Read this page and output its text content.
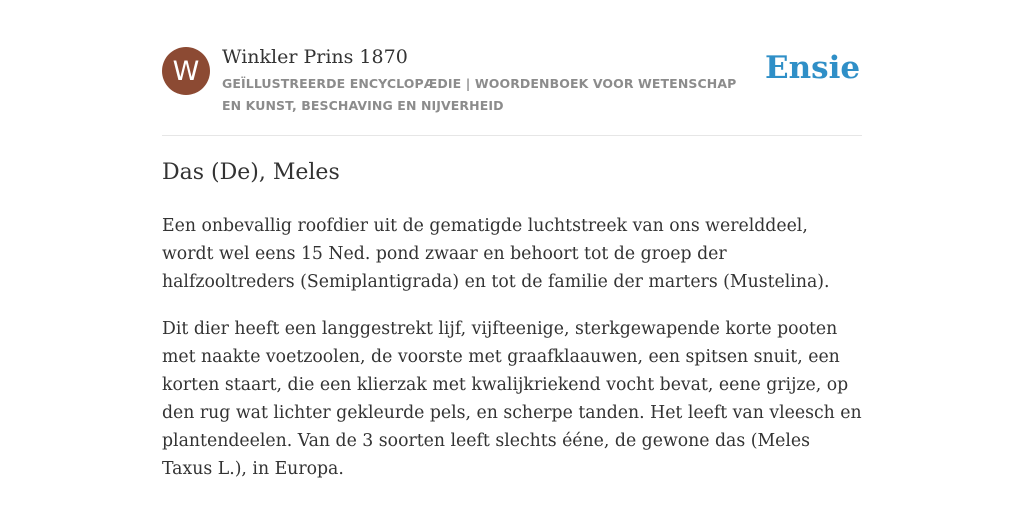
W	Winkler Prins 1870
GEÏLLUSTREERDE ENCYCLOPÆDIE | WOORDENBOEK VOOR WETENSCHAP EN KUNST, BESCHAVING EN NIJVERHEID
Ensie
Das (De), Meles

Een onbevallig roofdier uit de gematigde luchtstreek van ons werelddeel, wordt wel eens 15 Ned. pond zwaar en behoort tot de groep der halfzooltreders (Semiplantigrada) en tot de familie der marters (Mustelina).

Dit dier heeft een langgestrekt lijf, vijfteenige, sterkgewapende korte pooten met naakte voetzoolen, de voorste met graafklaauwen, een spitsen snuit, een korten staart, die een klierzak met kwalijkriekend vocht bevat, eene grijze, op den rug wat lichter gekleurde pels, en scherpe tanden. Het leeft van vleesch en plantendeelen. Van de 3 soorten leeft slechts ééne, de gewone das (Meles Taxus L.), in Europa.
